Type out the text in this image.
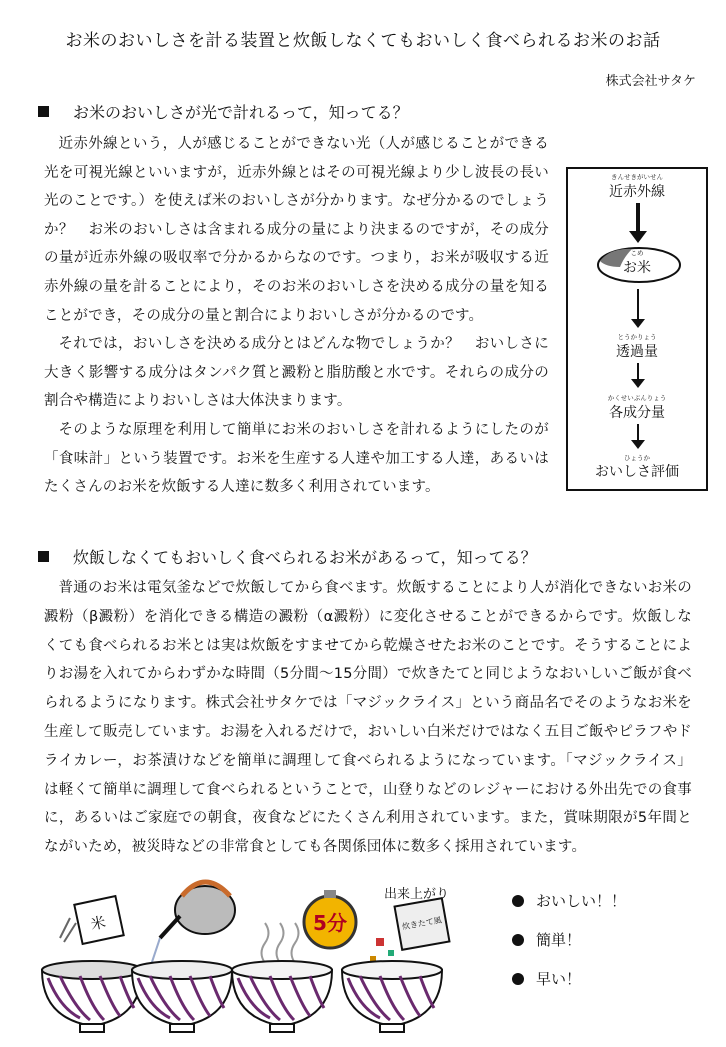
お米のおいしさを計る装置と炊飯しなくてもおいしく食べられるお米のお話
株式会社サタケ
お米のおいしさが光で計れるって，知ってる？

近赤外線という，人が感じることができない光（人が感じることができる光を可視光線といいますが，近赤外線とはその可視光線より少し波長の長い光のことです。）を使えば米のおいしさが分かります。なぜ分かるのでしょうか？　お米のおいしさは含まれる成分の量により決まるのですが，その成分の量が近赤外線の吸収率で分かるからなのです。つまり，お米が吸収する近赤外線の量を計ることにより，そのお米のおいしさを決める成分の量を知ることができ，その成分の量と割合によりおいしさが分かるのです。

それでは，おいしさを決める成分とはどんな物でしょうか？　おいしさに大きく影響する成分はタンパク質と澱粉と脂肪酸と水です。それらの成分の割合や構造によりおいしさは大体決まります。

そのような原理を利用して簡単にお米のおいしさを計れるようにしたのが「食味計」という装置です。お米を生産する人達や加工する人達，あるいはたくさんのお米を炊飯する人達に数多く利用されています。

きんせきがいせん
近赤外線
こめ
お米
とうかりょう
透過量
かくせいぶんりょう
各成分量
ひょうか
おいしさ評価
炊飯しなくてもおいしく食べられるお米があるって，知ってる？

普通のお米は電気釜などで炊飯してから食べます。炊飯することにより人が消化できないお米の澱粉（β澱粉）を消化できる構造の澱粉（α澱粉）に変化させることができるからです。炊飯しなくても食べられるお米とは実は炊飯をすませてから乾燥させたお米のことです。そうすることによりお湯を入れてからわずかな時間（5分間～15分間）で炊きたてと同じようなおいしいご飯が食べられるようになります。株式会社サタケでは「マジックライス」という商品名でそのようなお米を生産して販売しています。お湯を入れるだけで，おいしい白米だけではなく五目ご飯やピラフやドライカレー，お茶漬けなどを簡単に調理して食べられるようになっています。「マジックライス」は軽くて簡単に調理して食べられるということで，山登りなどのレジャーにおける外出先での食事に，あるいはご家庭での朝食，夜食などにたくさん利用されています。また，賞味期限が5年間とながいため，被災時などの非常食としても各関係団体に数多く採用されています。

米	5分	炊きたて風
出来上がり	おいしい！！
簡単！
早い！
